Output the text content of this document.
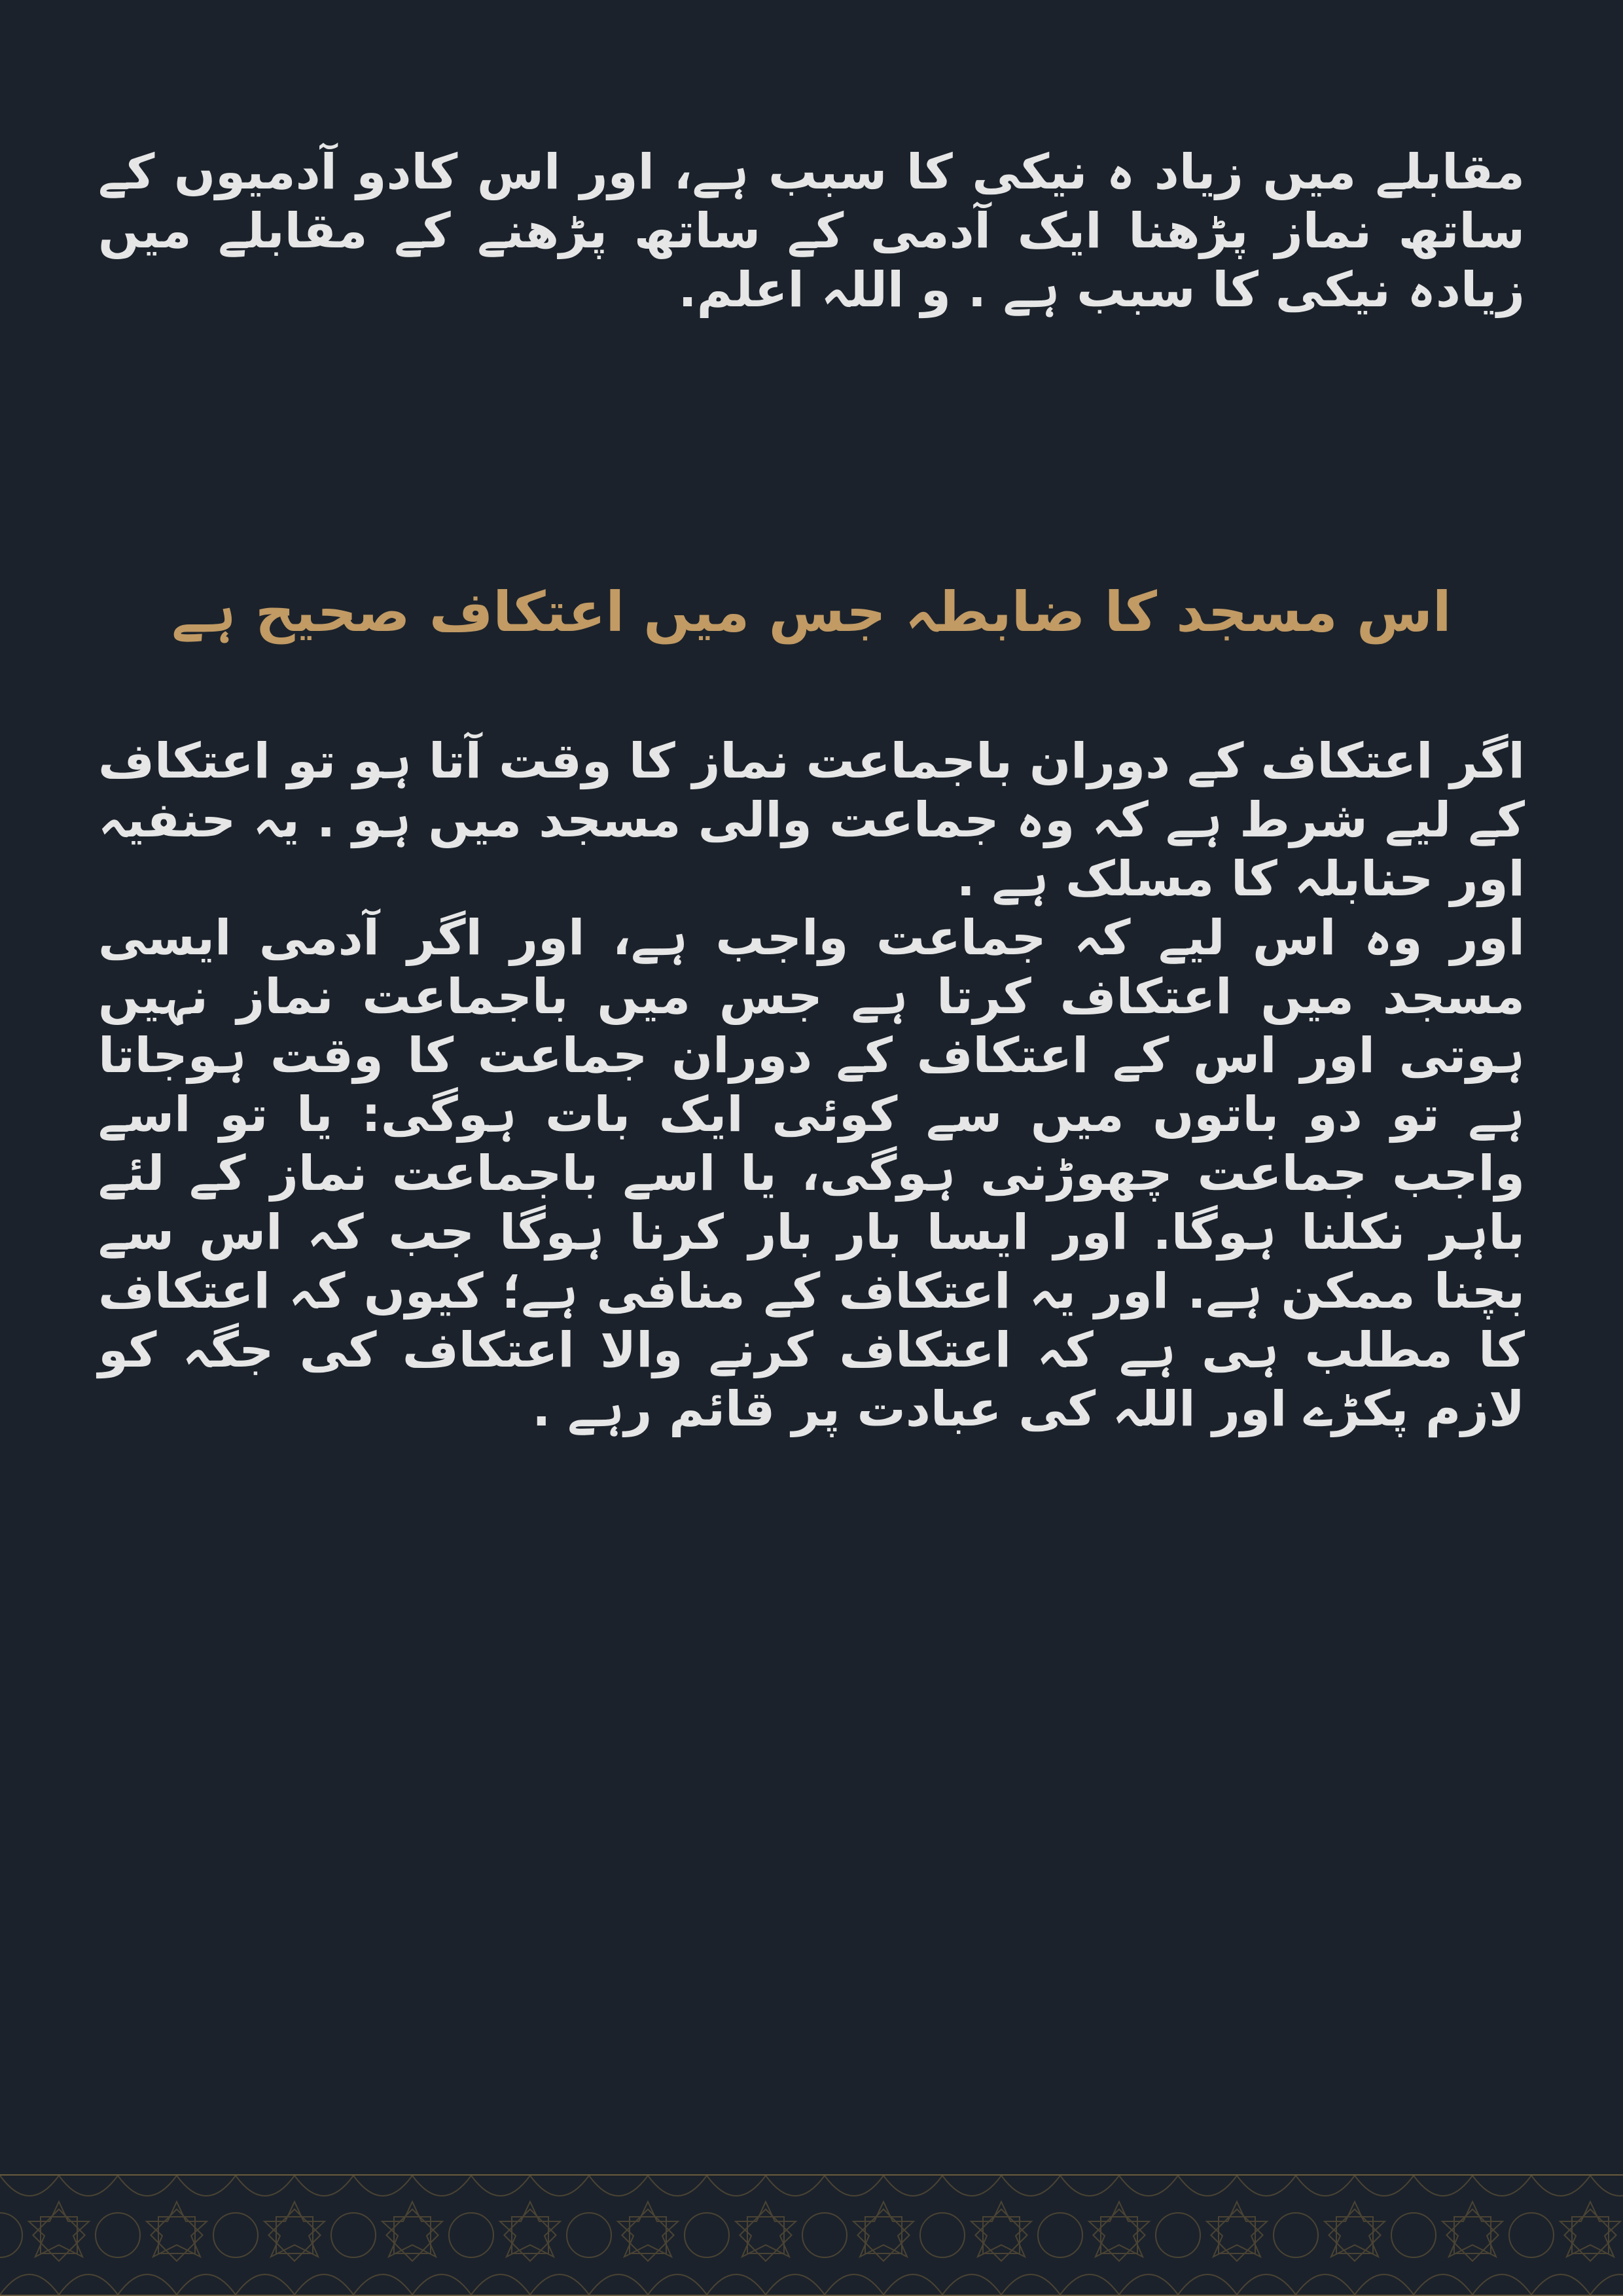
مقابلے میں زیاد ہ نیکی کا سبب ہے، اور اس کادو آدمیوں کے ساتھ نماز پڑھنا ایک آدمی کے ساتھ پڑھنے کے مقابلے میں زیادہ نیکی کا سبب ہے . و اللہ اعلم.

اس مسجد کا ضابطہ جس میں اعتکاف صحیح ہے

اگر اعتکاف کے دوران باجماعت نماز کا وقت آتا ہو تو اعتکاف کے لیے شرط ہے کہ وہ جماعت والی مسجد میں ہو . یہ حنفیہ اور حنابلہ کا مسلک ہے .

اور وہ اس لیے کہ جماعت واجب ہے، اور اگر آدمی ایسی مسجد میں اعتکاف کرتا ہے جس میں باجماعت نماز نہیں ہوتی اور اس کے اعتکاف کے دوران جماعت کا وقت ہوجاتا ہے تو دو باتوں میں سے کوئی ایک بات ہوگی: یا تو اسے واجب جماعت چھوڑنی ہوگی، یا اسے باجماعت نماز کے لئے باہر نکلنا ہوگا. اور ایسا بار بار کرنا ہوگا جب کہ اس سے بچنا ممکن ہے. اور یہ اعتکاف کے منافی ہے؛ کیوں کہ اعتکاف کا مطلب ہی ہے کہ اعتکاف کرنے والا اعتکاف کی جگہ کو لازم پکڑے اور اللہ کی عبادت پر قائم رہے .
